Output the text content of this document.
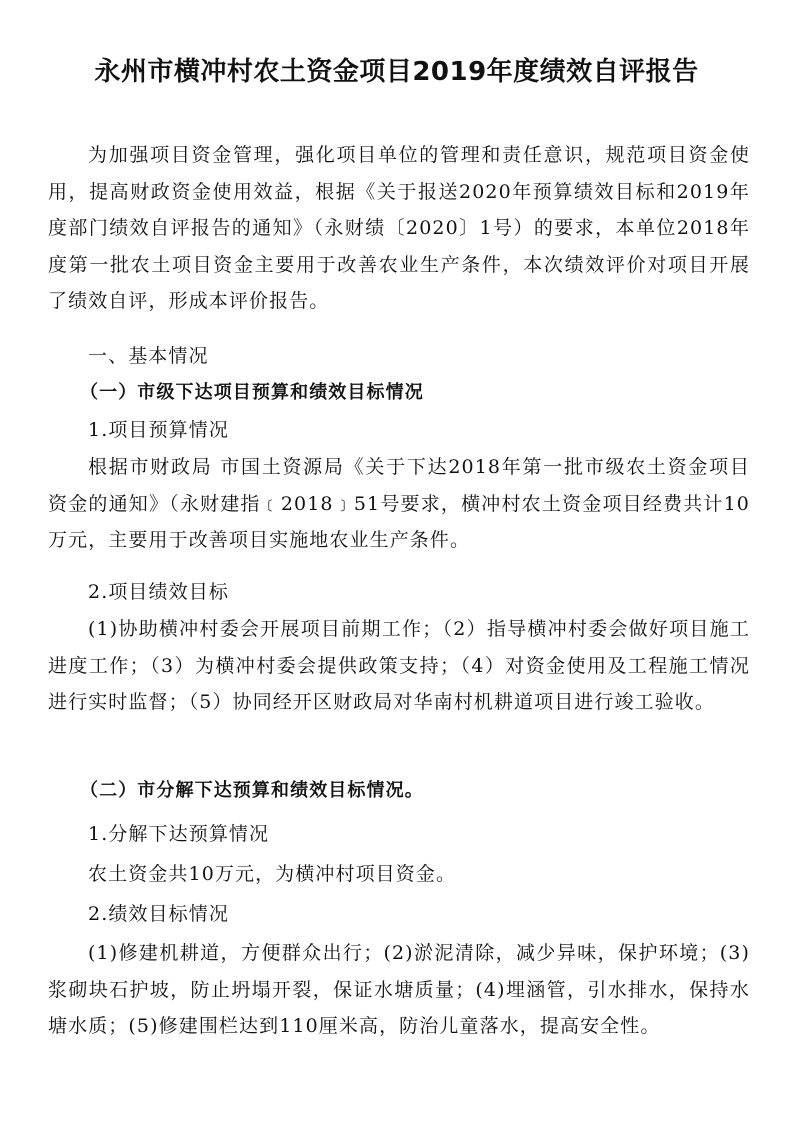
永州市横冲村农土资金项目2019年度绩效自评报告
为加强项目资金管理，强化项目单位的管理和责任意识，规范项目资金使用，提高财政资金使用效益，根据《关于报送2020年预算绩效目标和2019年度部门绩效自评报告的通知》（永财绩〔2020〕1号）的要求，本单位2018年度第一批农土项目资金主要用于改善农业生产条件，本次绩效评价对项目开展了绩效自评，形成本评价报告。
一、基本情况
（一）市级下达项目预算和绩效目标情况
1.项目预算情况
根据市财政局 市国土资源局《关于下达2018年第一批市级农土资金项目资金的通知》（永财建指﹝2018﹞51号要求，横冲村农土资金项目经费共计10万元，主要用于改善项目实施地农业生产条件。
2.项目绩效目标
(1)协助横冲村委会开展项目前期工作；（2）指导横冲村委会做好项目施工进度工作；（3）为横冲村委会提供政策支持；（4）对资金使用及工程施工情况进行实时监督；（5）协同经开区财政局对华南村机耕道项目进行竣工验收。
（二）市分解下达预算和绩效目标情况。
1.分解下达预算情况
农土资金共10万元，为横冲村项目资金。
2.绩效目标情况
(1)修建机耕道，方便群众出行；(2)淤泥清除，减少异味，保护环境；(3)浆砌块石护坡，防止坍塌开裂，保证水塘质量；(4)埋涵管，引水排水，保持水塘水质；(5)修建围栏达到110厘米高，防治儿童落水，提高安全性。
